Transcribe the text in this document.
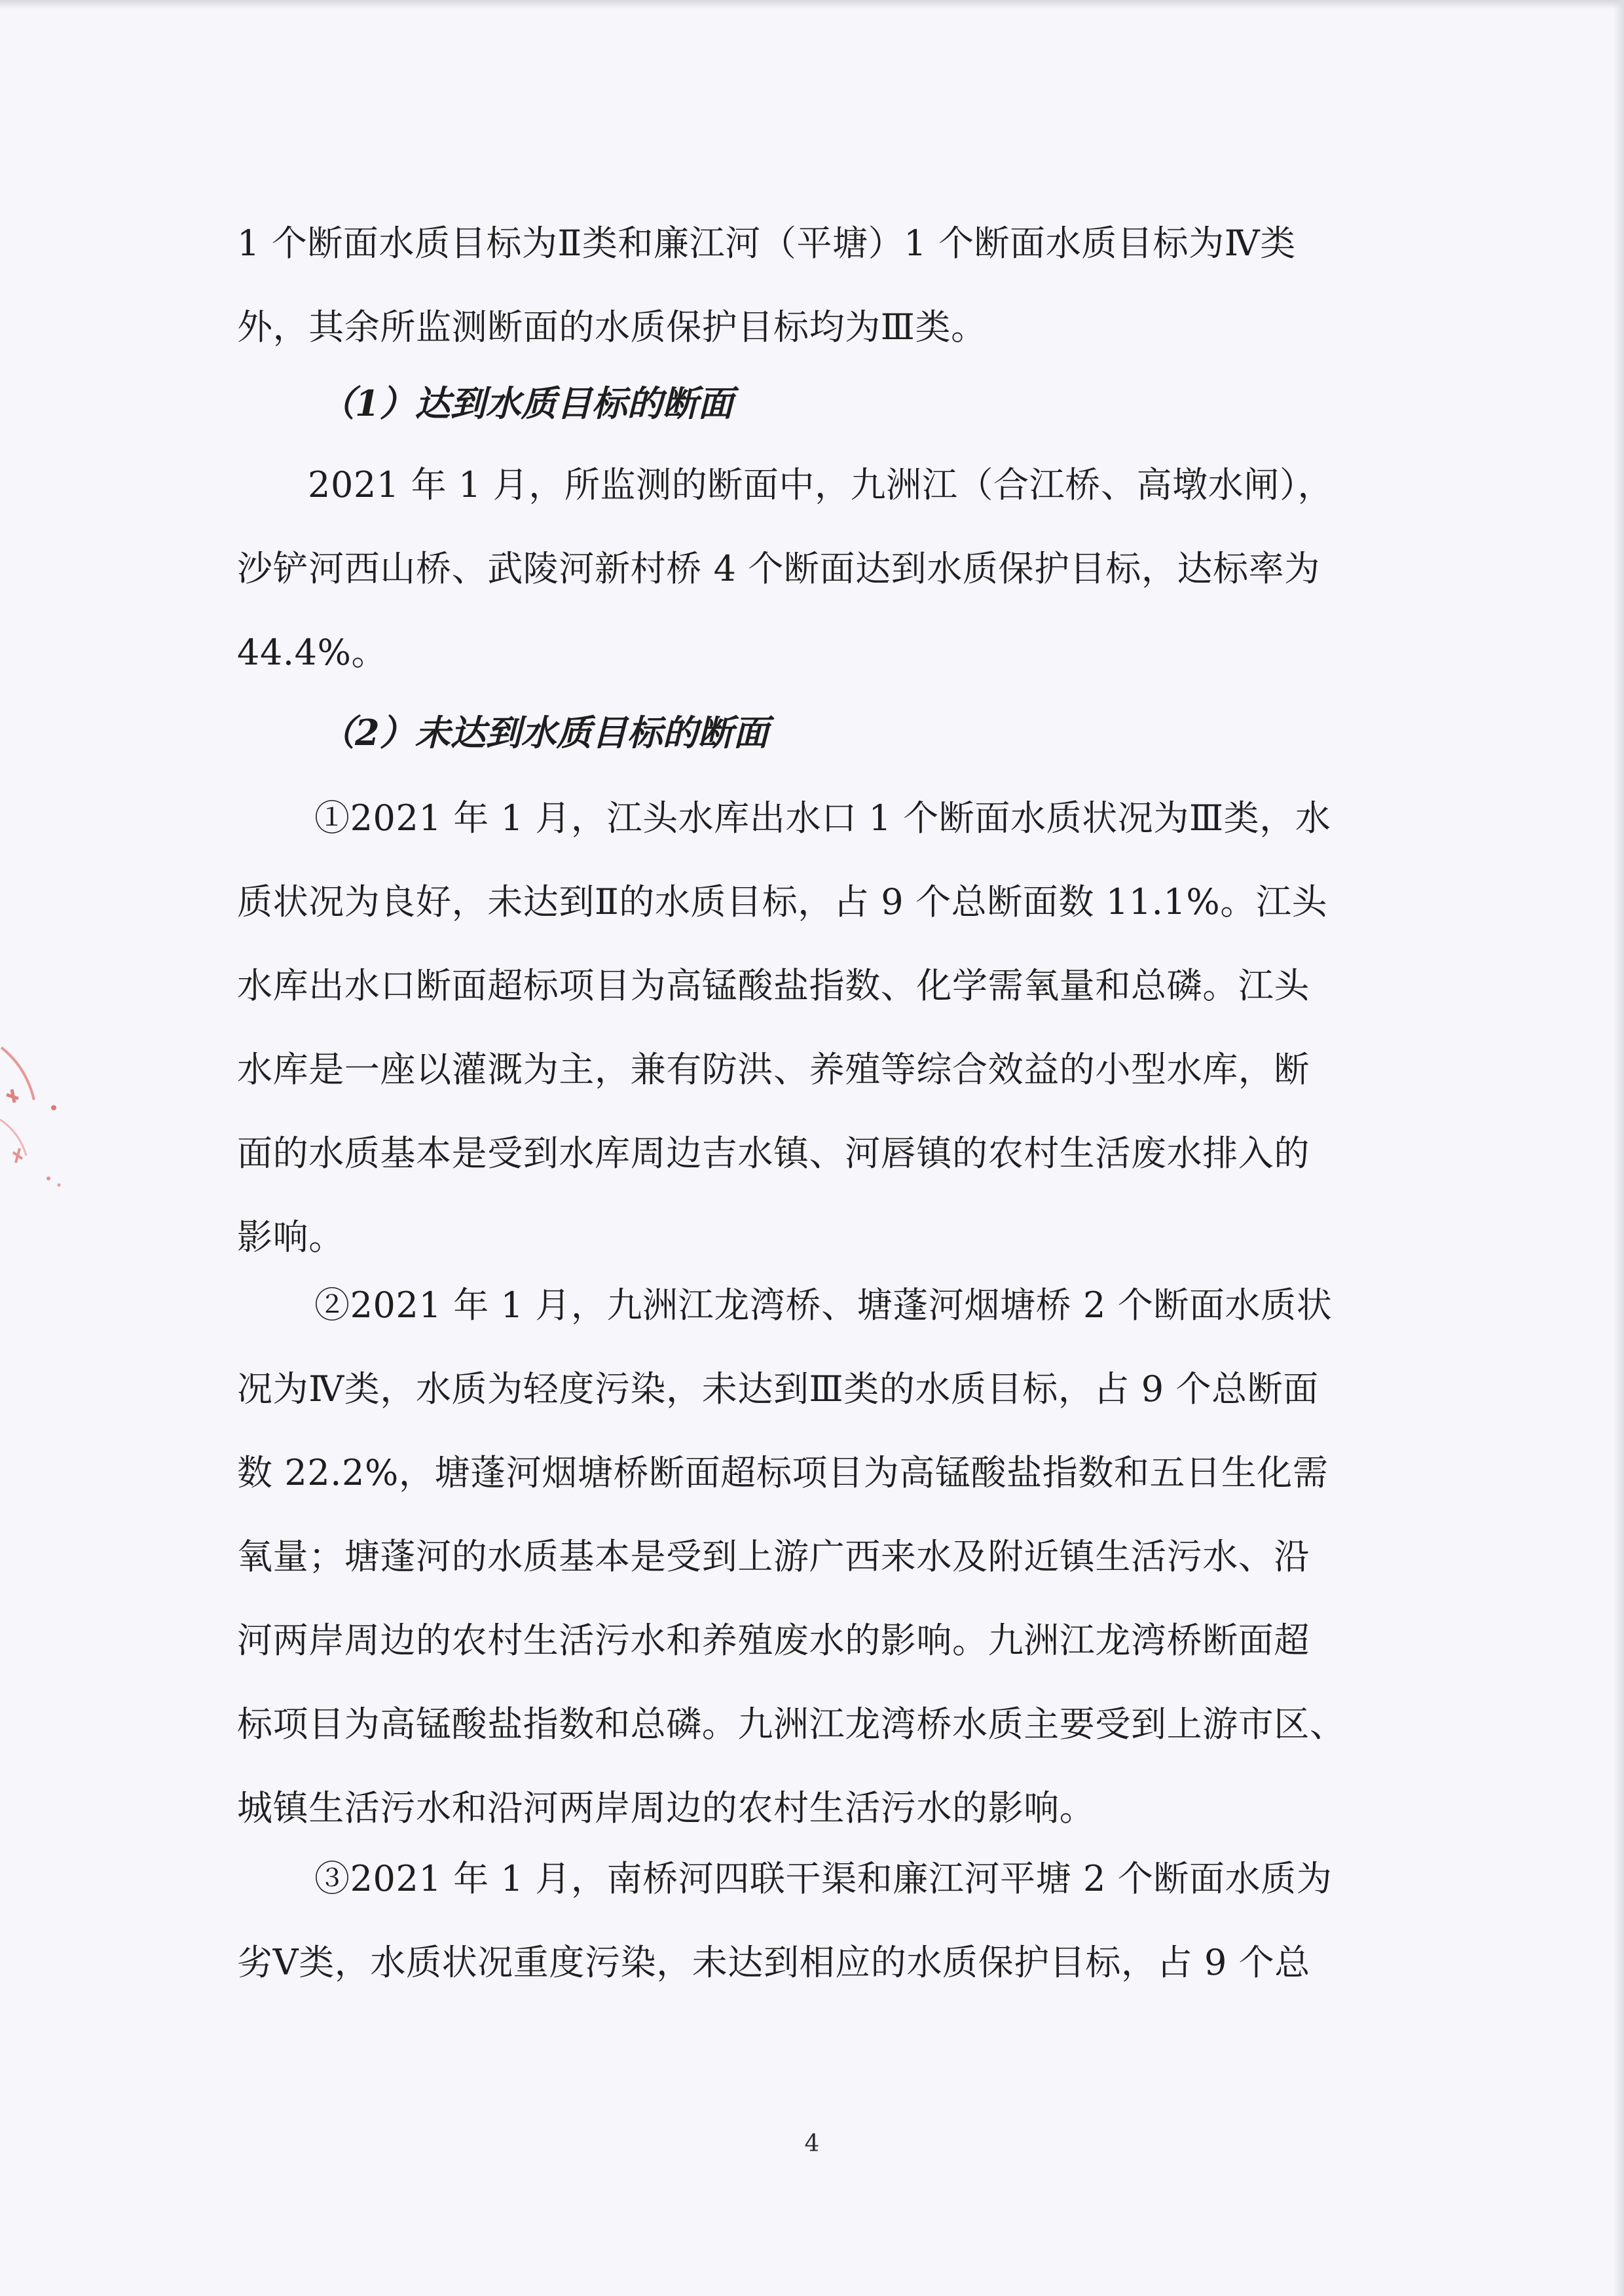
1 个断面水质目标为Ⅱ类和廉江河（平塘）1 个断面水质目标为Ⅳ类
外，其余所监测断面的水质保护目标均为Ⅲ类。
（1）达到水质目标的断面
2021 年 1 月，所监测的断面中，九洲江（合江桥、高墩水闸），
沙铲河西山桥、武陵河新村桥 4 个断面达到水质保护目标，达标率为
44.4%。
（2）未达到水质目标的断面
①2021 年 1 月，江头水库出水口 1 个断面水质状况为Ⅲ类，水
质状况为良好，未达到Ⅱ的水质目标，占 9 个总断面数 11.1%。江头
水库出水口断面超标项目为高锰酸盐指数、化学需氧量和总磷。江头
水库是一座以灌溉为主，兼有防洪、养殖等综合效益的小型水库，断
面的水质基本是受到水库周边吉水镇、河唇镇的农村生活废水排入的
影响。
②2021 年 1 月，九洲江龙湾桥、塘蓬河烟塘桥 2 个断面水质状
况为Ⅳ类，水质为轻度污染，未达到Ⅲ类的水质目标，占 9 个总断面
数 22.2%，塘蓬河烟塘桥断面超标项目为高锰酸盐指数和五日生化需
氧量；塘蓬河的水质基本是受到上游广西来水及附近镇生活污水、沿
河两岸周边的农村生活污水和养殖废水的影响。九洲江龙湾桥断面超
标项目为高锰酸盐指数和总磷。九洲江龙湾桥水质主要受到上游市区、
城镇生活污水和沿河两岸周边的农村生活污水的影响。
③2021 年 1 月，南桥河四联干渠和廉江河平塘 2 个断面水质为
劣Ⅴ类，水质状况重度污染，未达到相应的水质保护目标，占 9 个总
4
